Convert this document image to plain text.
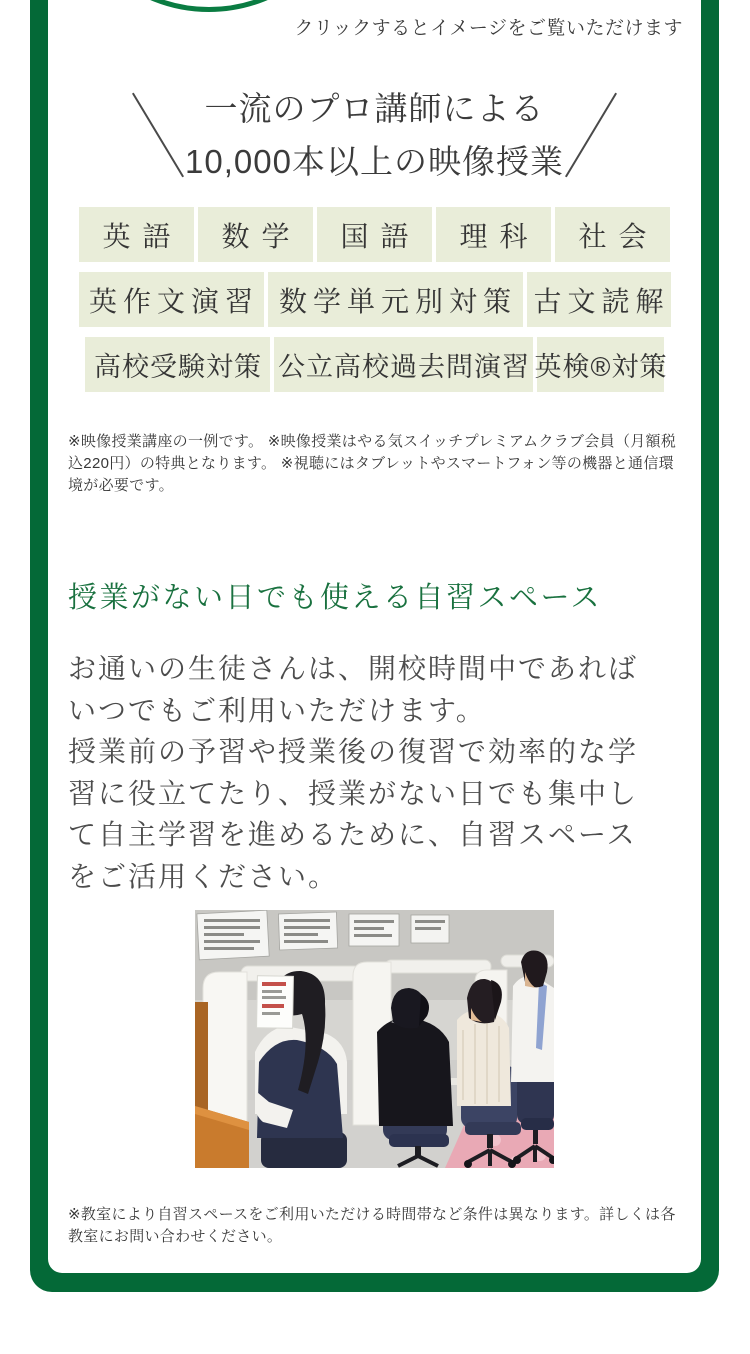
クリックするとイメージをご覧いただけます
一流のプロ講師による
10,000本以上の映像授業
英語	数学	国語	理科	社会
英作文演習 数学単元別対策 古文読解
高校受験対策 公立高校過去問演習 英検®対策

※映像授業講座の一例です。 ※映像授業はやる気スイッチプレミアムクラブ会員（月額税込220円）の特典となります。 ※視聴にはタブレットやスマートフォン等の機器と通信環境が必要です。

授業がない日でも使える自習スペース
お通いの生徒さんは、開校時間中であればいつでもご利用いただけます。
授業前の予習や授業後の復習で効率的な学習に役立てたり、授業がない日でも集中して自主学習を進めるために、自習スペースをご活用ください。

※教室により自習スペースをご利用いただける時間帯など条件は異なります。詳しくは各教室にお問い合わせください。
